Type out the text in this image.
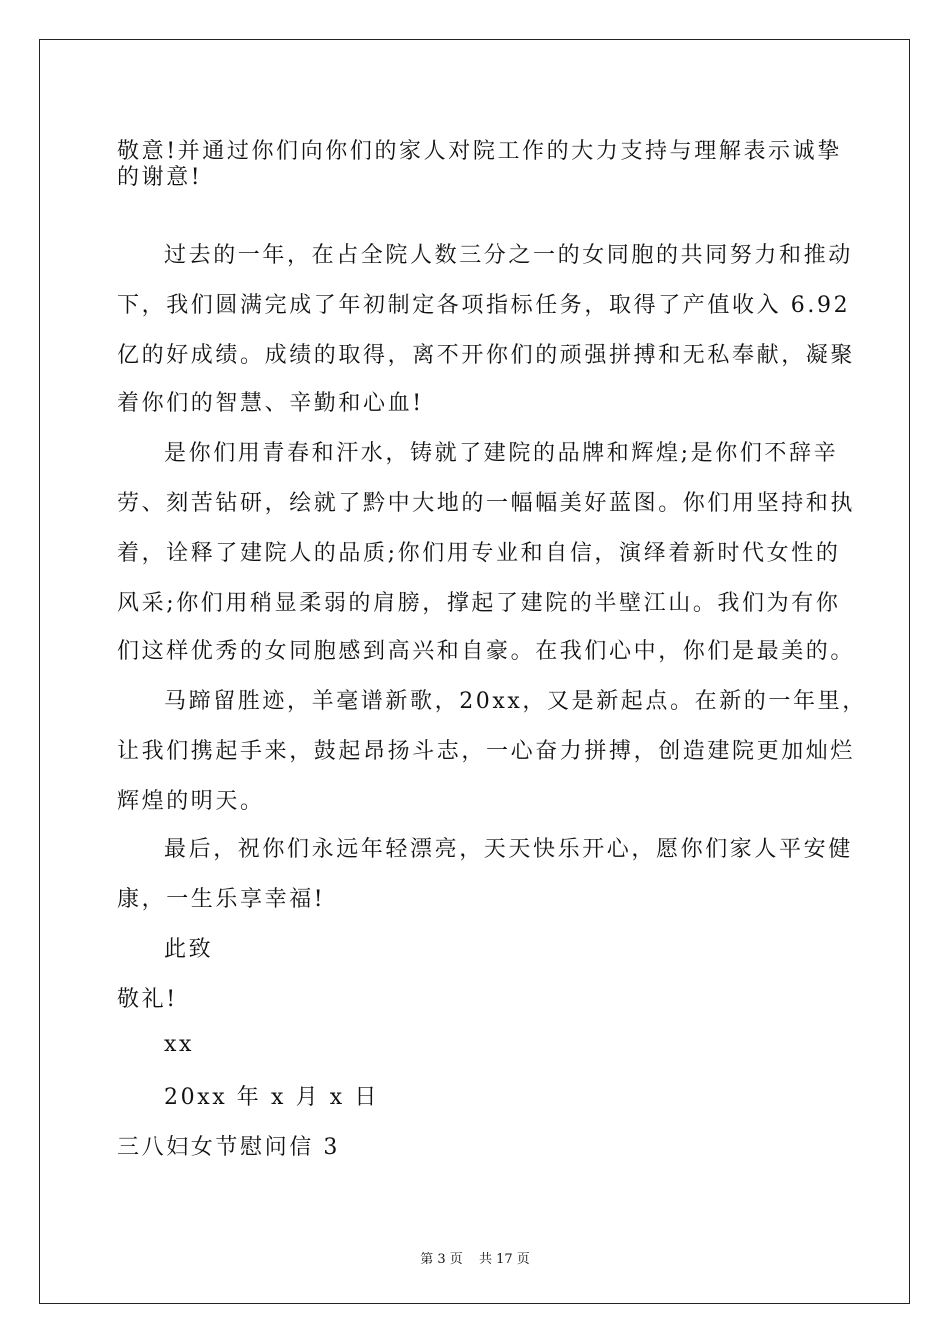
敬意!并通过你们向你们的家人对院工作的大力支持与理解表示诚挚
的谢意!
过去的一年，在占全院人数三分之一的女同胞的共同努力和推动
下，我们圆满完成了年初制定各项指标任务，取得了产值收入 6.92
亿的好成绩。成绩的取得，离不开你们的顽强拼搏和无私奉献，凝聚
着你们的智慧、辛勤和心血!
是你们用青春和汗水，铸就了建院的品牌和辉煌;是你们不辞辛
劳、刻苦钻研，绘就了黔中大地的一幅幅美好蓝图。你们用坚持和执
着，诠释了建院人的品质;你们用专业和自信，演绎着新时代女性的
风采;你们用稍显柔弱的肩膀，撑起了建院的半壁江山。我们为有你
们这样优秀的女同胞感到高兴和自豪。在我们心中，你们是最美的。
马蹄留胜迹，羊毫谱新歌，20xx，又是新起点。在新的一年里，
让我们携起手来，鼓起昂扬斗志，一心奋力拼搏，创造建院更加灿烂
辉煌的明天。
最后，祝你们永远年轻漂亮，天天快乐开心，愿你们家人平安健
康，一生乐享幸福!
此致
敬礼!
xx
20xx 年 x 月 x 日
三八妇女节慰问信 3
第 3 页 共 17 页
